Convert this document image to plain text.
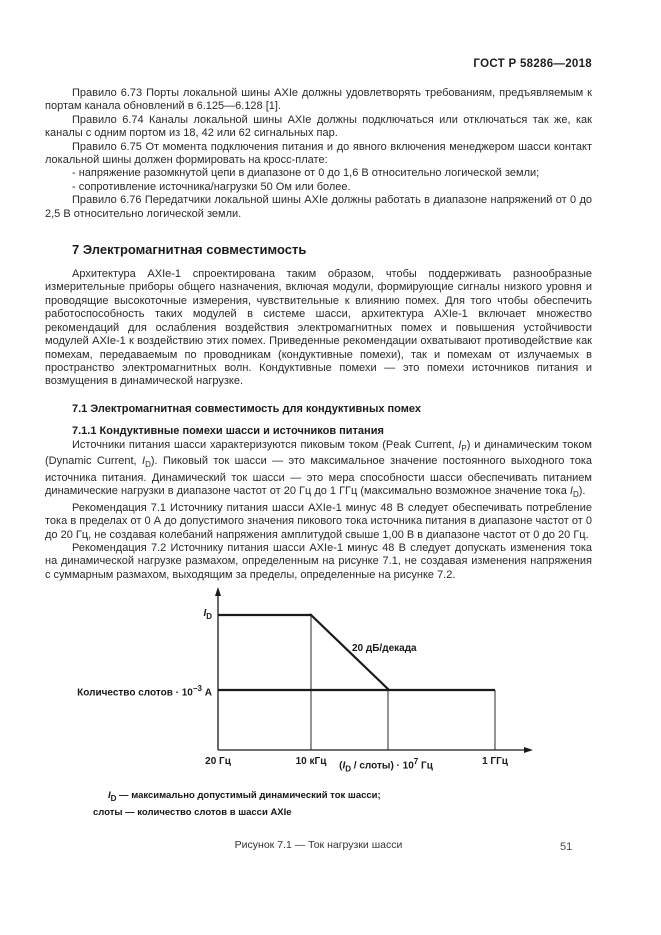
ГОСТ Р 58286—2018

Правило 6.73 Порты локальной шины AXIe должны удовлетворять требованиям, предъявляемым к портам канала обновлений в 6.125—6.128 [1].

Правило 6.74 Каналы локальной шины AXIe должны подключаться или отключаться так же, как каналы с одним портом из 18, 42 или 62 сигнальных пар.

Правило 6.75 От момента подключения питания и до явного включения менеджером шасси контакт локальной шины должен формировать на кросс-плате:

- напряжение разомкнутой цепи в диапазоне от 0 до 1,6 В относительно логической земли;

- сопротивление источника/нагрузки 50 Ом или более.

Правило 6.76 Передатчики локальной шины AXIe должны работать в диапазоне напряжений от 0 до 2,5 В относительно логической земли.

7 Электромагнитная совместимость

Архитектура AXIe-1 спроектирована таким образом, чтобы поддерживать разнообразные измерительные приборы общего назначения, включая модули, формирующие сигналы низкого уровня и проводящие высокоточные измерения, чувствительные к влиянию помех. Для того чтобы обеспечить работоспособность таких модулей в системе шасси, архитектура AXIe-1 включает множество рекомендаций для ослабления воздействия электромагнитных помех и повышения устойчивости модулей AXIe-1 к воздействию этих помех. Приведенные рекомендации охватывают противодействие как помехам, передаваемым по проводникам (кондуктивные помехи), так и помехам от излучаемых в пространство электромагнитных волн. Кондуктивные помехи — это помехи источников питания и возмущения в динамической нагрузке.

7.1 Электромагнитная совместимость для кондуктивных помех
7.1.1 Кондуктивные помехи шасси и источников питания

Источники питания шасси характеризуются пиковым током (Peak Current, $I_P$) и динамическим током (Dynamic Current, $I_D$). Пиковый ток шасси — это максимальное значение постоянного выходного тока источника питания. Динамический ток шасси — это мера способности шасси обеспечивать питанием динамические нагрузки в диапазоне частот от 20 Гц до 1 ГГц (максимально возможное значение тока $I_D$).

Рекомендация 7.1 Источнику питания шасси AXIe-1 минус 48 В следует обеспечивать потребление тока в пределах от 0 А до допустимого значения пикового тока источника питания в диапазоне частот от 0 до 20 Гц, не создавая колебаний напряжения амплитудой свыше 1,00 В в диапазоне частот от 0 до 20 Гц.

Рекомендация 7.2 Источнику питания шасси AXIe-1 минус 48 В следует допускать изменения тока на динамической нагрузке размахом, определенным на рисунке 7.1, не создавая изменения напряжения с суммарным размахом, выходящим за пределы, определенные на рисунке 7.2.

$I_D$
Количество слотов · $10^{-3}$ А
20 дБ/декада
20 Гц	10 кГц	($I_D$ / слоты) · $10^7$ Гц	1 ГГц
$I_D$ — максимально допустимый динамический ток шасси;
слоты — количество слотов в шасси AXIe
Рисунок 7.1 — Ток нагрузки шасси	51
